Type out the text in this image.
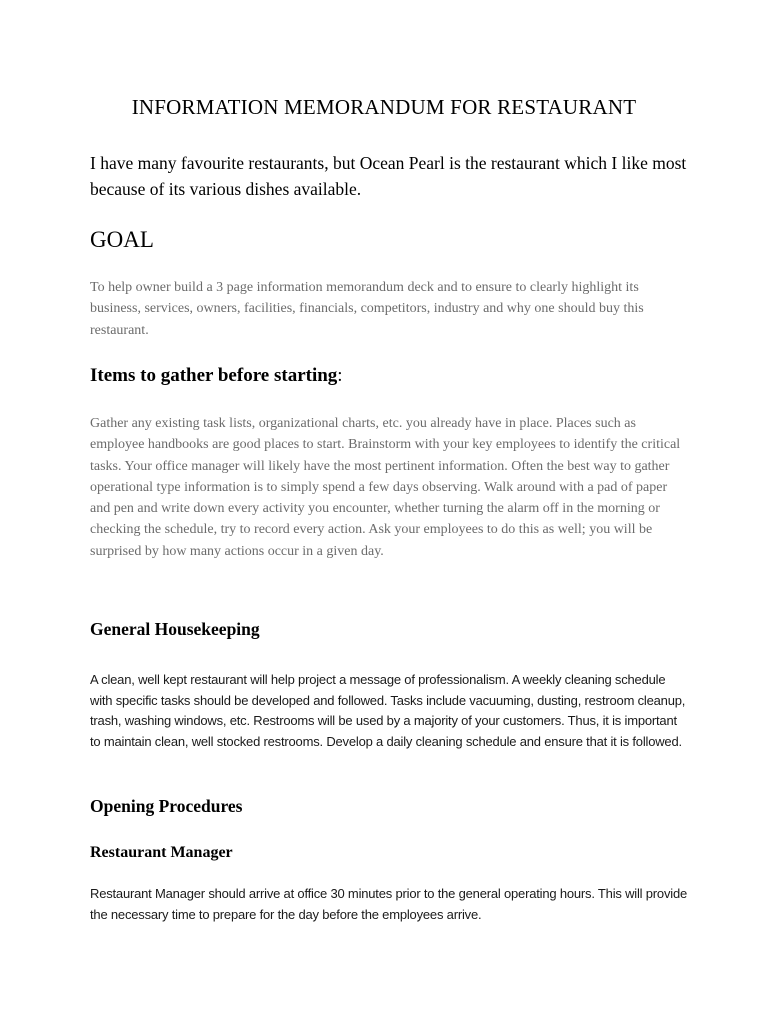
INFORMATION MEMORANDUM FOR RESTAURANT

I have many favourite restaurants, but Ocean Pearl is the restaurant which I like most because of its various dishes available.

GOAL

To help owner build a 3 page information memorandum deck and to ensure to clearly highlight its business, services, owners, facilities, financials, competitors, industry and why one should buy this restaurant.

Items to gather before starting:

Gather any existing task lists, organizational charts, etc. you already have in place. Places such as employee handbooks are good places to start. Brainstorm with your key employees to identify the critical tasks. Your office manager will likely have the most pertinent information. Often the best way to gather operational type information is to simply spend a few days observing. Walk around with a pad of paper and pen and write down every activity you encounter, whether turning the alarm off in the morning or checking the schedule, try to record every action. Ask your employees to do this as well; you will be surprised by how many actions occur in a given day.

General Housekeeping

A clean, well kept restaurant will help project a message of professionalism. A weekly cleaning schedule with specific tasks should be developed and followed. Tasks include vacuuming, dusting, restroom cleanup, trash, washing windows, etc. Restrooms will be used by a majority of your customers. Thus, it is important to maintain clean, well stocked restrooms. Develop a daily cleaning schedule and ensure that it is followed.

Opening Procedures
Restaurant Manager

Restaurant Manager should arrive at office 30 minutes prior to the general operating hours. This will provide the necessary time to prepare for the day before the employees arrive.
